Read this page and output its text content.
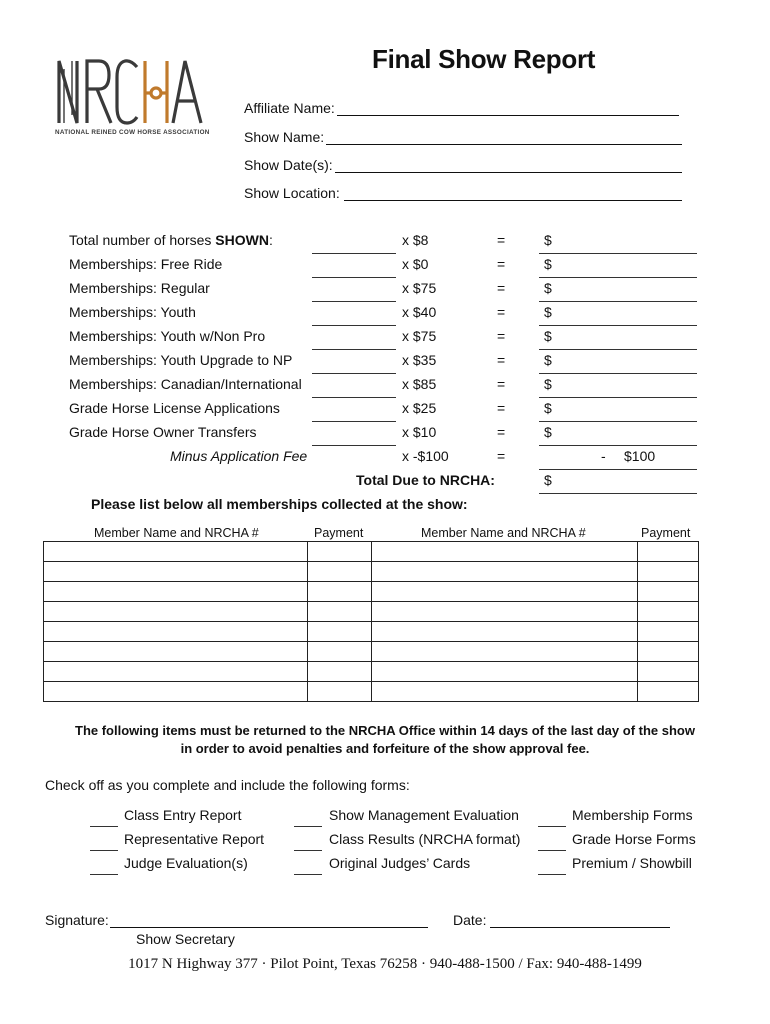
NATIONAL REINED COW HORSE ASSOCIATION
Final Show Report
Affiliate Name:
Show Name:
Show Date(s):
Show Location:
Total number of horses SHOWN:	x $8	=	$
Memberships: Free Ride	x $0	=	$
Memberships: Regular	x $75	=	$
Memberships: Youth	x $40	=	$
Memberships: Youth w/Non Pro	x $75	=	$
Memberships: Youth Upgrade to NP	x $35	=	$
Memberships: Canadian/International	x $85	=	$
Grade Horse License Applications	x $25	=	$
Grade Horse Owner Transfers	x $10	=	$
Minus Application Fee	x -$100	=	- $100
Total Due to NRCHA:	$
Please list below all memberships collected at the show:
Member Name and NRCHA #	Payment	Member Name and NRCHA #	Payment

The following items must be returned to the NRCHA Office within 14 days of the last day of the show
in order to avoid penalties and forfeiture of the show approval fee.
Check off as you complete and include the following forms:
Class Entry Report	Show Management Evaluation	Membership Forms
Representative Report	Class Results (NRCHA format)	Grade Horse Forms
Judge Evaluation(s)	Original Judges’ Cards	Premium / Showbill
Signature:
Show Secretary
Date:
1017 N Highway 377 · Pilot Point, Texas 76258 · 940-488-1500 / Fax: 940-488-1499
